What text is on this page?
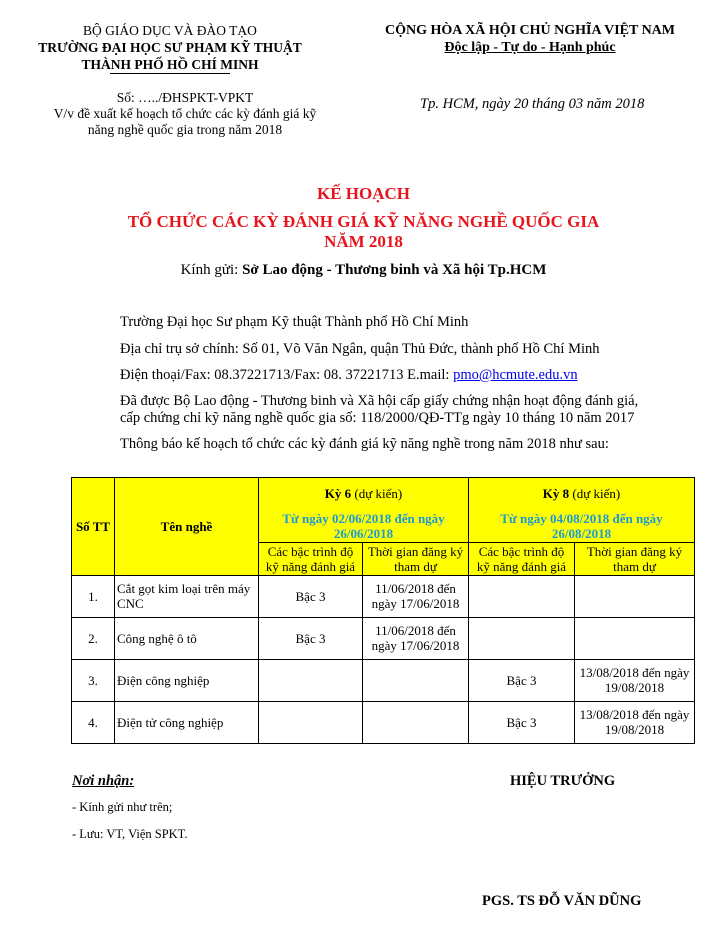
BỘ GIÁO DỤC VÀ ĐÀO TẠO
TRƯỜNG ĐẠI HỌC SƯ PHẠM KỸ THUẬT
THÀNH PHỐ HỒ CHÍ MINH
Số: …../ĐHSPKT-VPKT
V/v đề xuất kế hoạch tổ chức các kỳ đánh giá kỹ
năng nghề quốc gia trong năm 2018
CỘNG HÒA XÃ HỘI CHỦ NGHĨA VIỆT NAM
Độc lập - Tự do - Hạnh phúc
Tp. HCM, ngày 20 tháng 03 năm 2018
KẾ HOẠCH
TỔ CHỨC CÁC KỲ ĐÁNH GIÁ KỸ NĂNG NGHỀ QUỐC GIA
NĂM 2018
Kính gửi: Sở Lao động - Thương binh và Xã hội Tp.HCM
Trường Đại học Sư phạm Kỹ thuật Thành phố Hồ Chí Minh
Địa chỉ trụ sở chính: Số 01, Võ Văn Ngân, quận Thủ Đức, thành phố Hồ Chí Minh
Điện thoại/Fax: 08.37221713/Fax: 08. 37221713 E.mail: pmo@hcmute.edu.vn
Đã được Bộ Lao động - Thương binh và Xã hội cấp giấy chứng nhận hoạt động đánh giá,
cấp chứng chỉ kỹ năng nghề quốc gia số: 118/2000/QĐ-TTg ngày 10 tháng 10 năm 2017
Thông báo kế hoạch tổ chức các kỳ đánh giá kỹ năng nghề trong năm 2018 như sau:
Số TT	Tên nghề	Kỳ 6 (dự kiến)		Kỳ 8 (dự kiến)	
		Từ ngày 02/06/2018 đến ngày 26/06/2018		Từ ngày 04/08/2018 đến ngày 26/08/2018	
		Các bậc trình độ kỹ năng đánh giá	Thời gian đăng ký tham dự	Các bậc trình độ kỹ năng đánh giá	Thời gian đăng ký tham dự
1.	Cắt gọt kim loại trên máy CNC	Bậc 3	11/06/2018 đến ngày 17/06/2018		
2.	Công nghệ ô tô	Bậc 3	11/06/2018 đến ngày 17/06/2018		
3.	Điện công nghiệp			Bậc 3	13/08/2018 đến ngày 19/08/2018
4.	Điện tử công nghiệp			Bậc 3	13/08/2018 đến ngày 19/08/2018
Nơi nhận:
- Kính gửi như trên;
- Lưu: VT, Viện SPKT.
HIỆU TRƯỞNG
PGS. TS ĐỖ VĂN DŨNG
